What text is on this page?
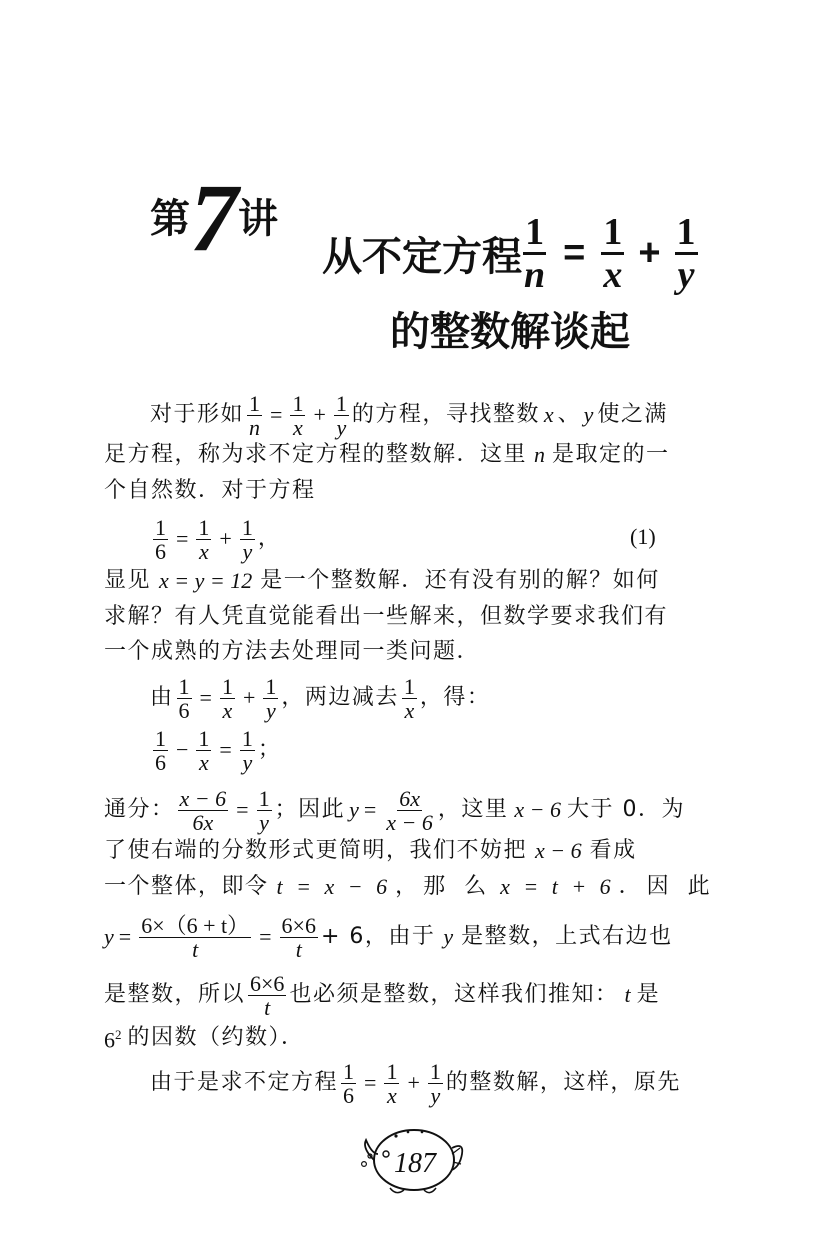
第 7 讲
从不定方程 $\frac{1}{n} = \frac{1}{x} + \frac{1}{y}$
的整数解谈起
对于形如 $\frac{1}{n} = \frac{1}{x} + \frac{1}{y}$ 的方程，寻找整数 x 、 y 使之满
足方程，称为求不定方程的整数解．这里 n 是取定的一
个自然数．对于方程
$\frac{1}{6} = \frac{1}{x} + \frac{1}{y}$ ，	(1)
显见 x = y = 12 是一个整数解．还有没有别的解？如何
求解？有人凭直觉能看出一些解来，但数学要求我们有
一个成熟的方法去处理同一类问题．
由 $\frac{1}{6} = \frac{1}{x} + \frac{1}{y}$ ，两边减去 $\frac{1}{x}$ ，得：
$\frac{1}{6} - \frac{1}{x} = \frac{1}{y}$ ；
通分： $\frac{x - 6}{6x} = \frac{1}{y}$ ；因此 $y = \frac{6x}{x - 6}$ ，这里 x − 6 大于 0．为
了使右端的分数形式更简明，我们不妨把 x − 6 看成
一个整体，即令 t = x − 6 ，那 么 x = t + 6 ．因 此
$y = \frac{6\times(6 + t)}{t} = \frac{6\times 6}{t} + 6$，由于 y 是整数，上式右边也
是整数，所以 $\frac{6\times 6}{t}$ 也必须是整数，这样我们推知： t 是
$6^2$ 的因数（约数）．
由于是求不定方程 $\frac{1}{6} = \frac{1}{x} + \frac{1}{y}$ 的整数解，这样，原先
187
